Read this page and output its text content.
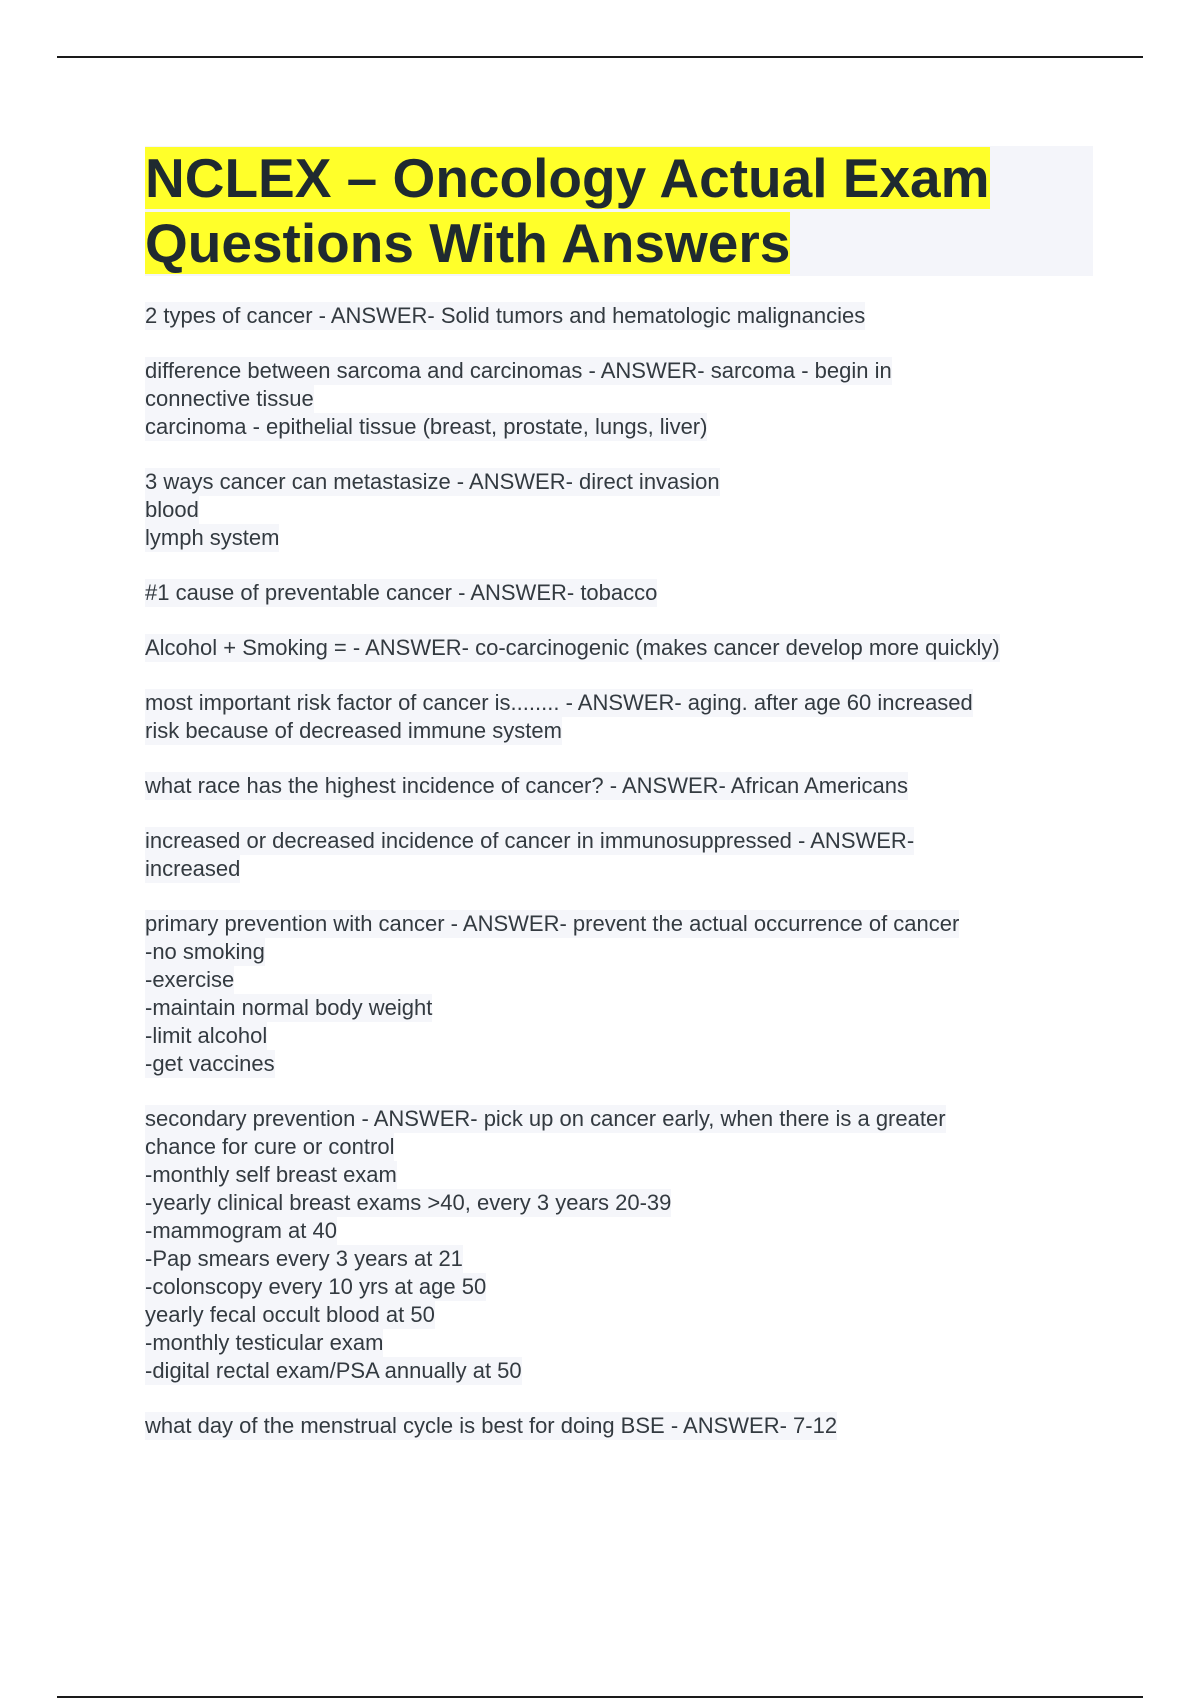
NCLEX – Oncology Actual Exam
Questions With Answers
2 types of cancer - ANSWER- Solid tumors and hematologic malignancies
difference between sarcoma and carcinomas - ANSWER- sarcoma - begin in
connective tissue
carcinoma - epithelial tissue (breast, prostate, lungs, liver)
3 ways cancer can metastasize - ANSWER- direct invasion
blood
lymph system
#1 cause of preventable cancer - ANSWER- tobacco
Alcohol + Smoking = - ANSWER- co-carcinogenic (makes cancer develop more quickly)
most important risk factor of cancer is........ - ANSWER- aging. after age 60 increased
risk because of decreased immune system
what race has the highest incidence of cancer? - ANSWER- African Americans
increased or decreased incidence of cancer in immunosuppressed - ANSWER-
increased
primary prevention with cancer - ANSWER- prevent the actual occurrence of cancer
-no smoking
-exercise
-maintain normal body weight
-limit alcohol
-get vaccines
secondary prevention - ANSWER- pick up on cancer early, when there is a greater
chance for cure or control
-monthly self breast exam
-yearly clinical breast exams >40, every 3 years 20-39
-mammogram at 40
-Pap smears every 3 years at 21
-colonscopy every 10 yrs at age 50
yearly fecal occult blood at 50
-monthly testicular exam
-digital rectal exam/PSA annually at 50
what day of the menstrual cycle is best for doing BSE - ANSWER- 7-12
